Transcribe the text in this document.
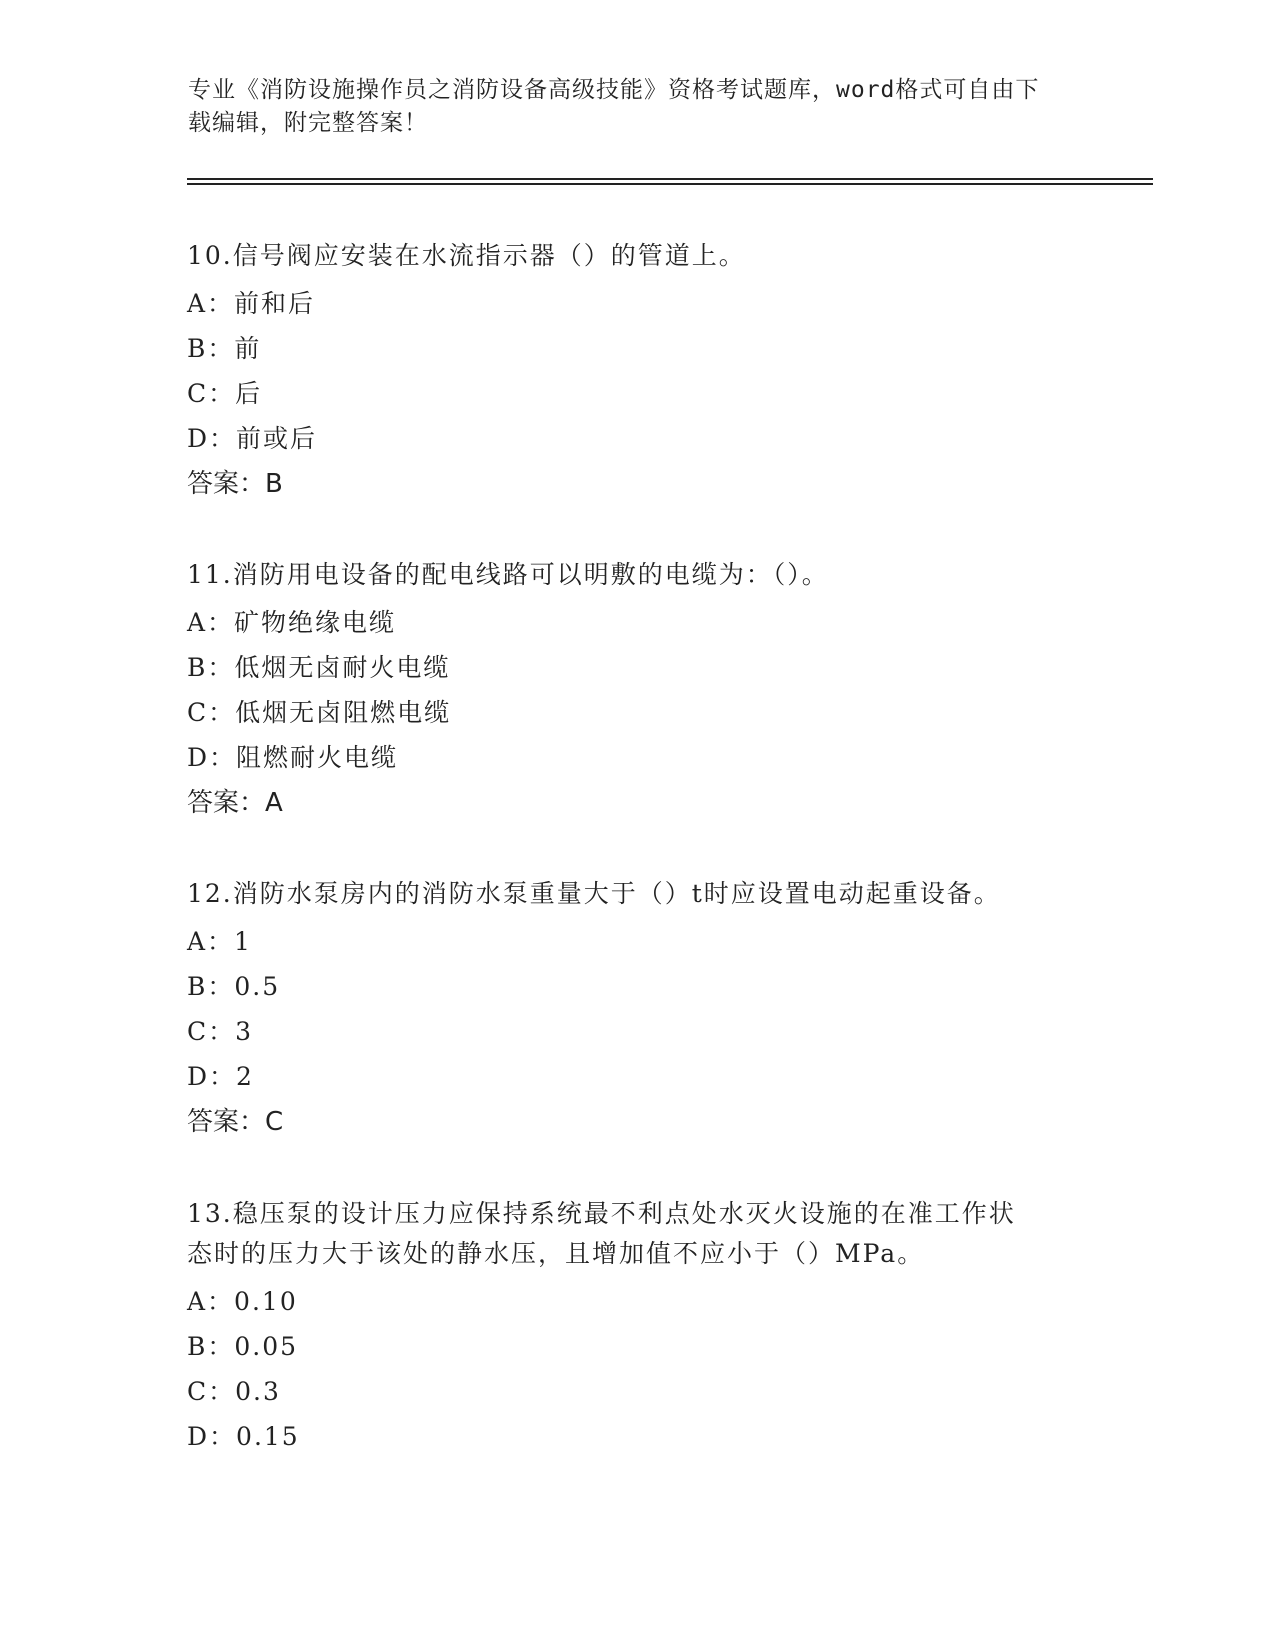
专业《消防设施操作员之消防设备高级技能》资格考试题库，word格式可自由下
载编辑，附完整答案！
10.信号阀应安装在水流指示器（）的管道上。
A：前和后
B：前
C：后
D：前或后
答案：B
11.消防用电设备的配电线路可以明敷的电缆为：（）。
A：矿物绝缘电缆
B：低烟无卤耐火电缆
C：低烟无卤阻燃电缆
D：阻燃耐火电缆
答案：A
12.消防水泵房内的消防水泵重量大于（）t时应设置电动起重设备。
A：1
B：0.5
C：3
D：2
答案：C
13.稳压泵的设计压力应保持系统最不利点处水灭火设施的在准工作状
态时的压力大于该处的静水压，且增加值不应小于（）MPa。
A：0.10
B：0.05
C：0.3
D：0.15
